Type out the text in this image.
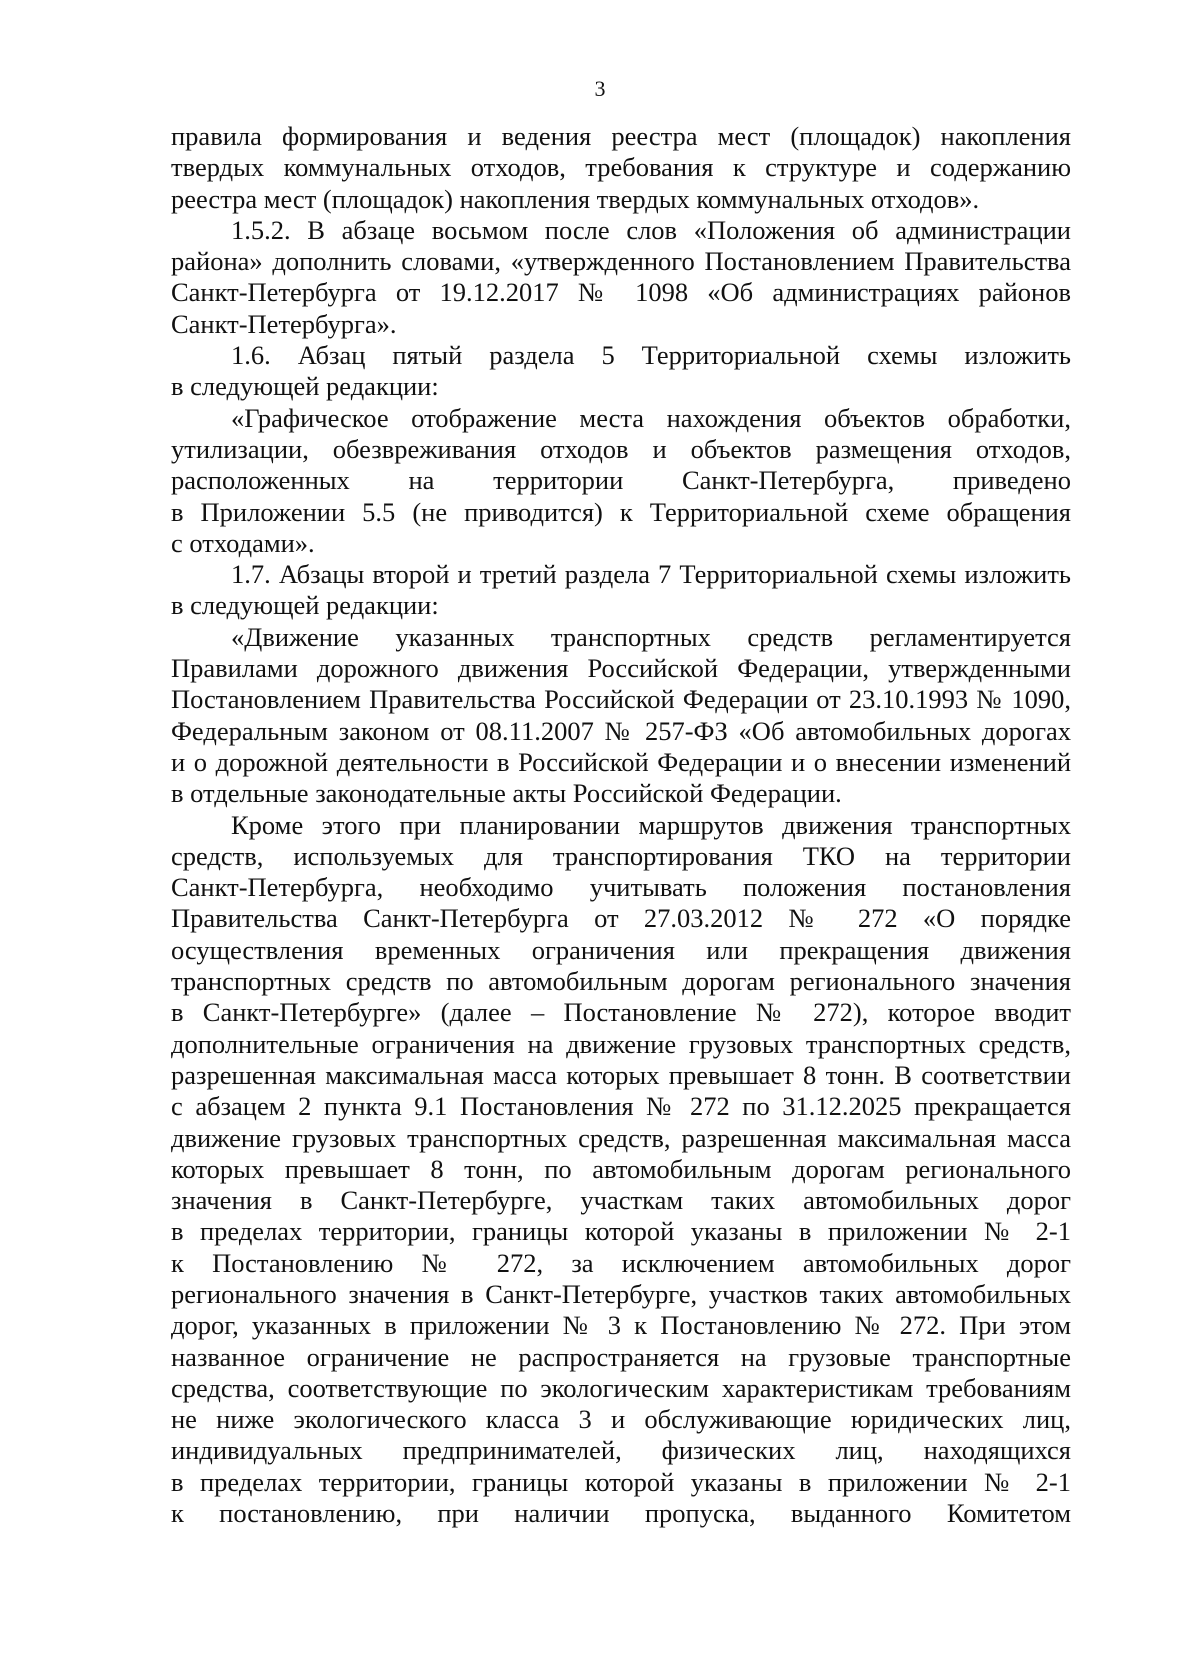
3
правила формирования и ведения реестра мест (площадок) накопления
твердых коммунальных отходов, требования к структуре и содержанию
реестра мест (площадок) накопления твердых коммунальных отходов».
1.5.2. В абзаце восьмом после слов «Положения об администрации
района» дополнить словами, «утвержденного Постановлением Правительства
Санкт-Петербурга от 19.12.2017 № 1098 «Об администрациях районов
Санкт-Петербурга».
1.6. Абзац пятый раздела 5 Территориальной схемы изложить
в следующей редакции:
«Графическое отображение места нахождения объектов обработки,
утилизации, обезвреживания отходов и объектов размещения отходов,
расположенных на территории Санкт-Петербурга, приведено
в Приложении 5.5 (не приводится) к Территориальной схеме обращения
с отходами».
1.7. Абзацы второй и третий раздела 7 Территориальной схемы изложить
в следующей редакции:
«Движение указанных транспортных средств регламентируется
Правилами дорожного движения Российской Федерации, утвержденными
Постановлением Правительства Российской Федерации от 23.10.1993 № 1090,
Федеральным законом от 08.11.2007 № 257-ФЗ «Об автомобильных дорогах
и о дорожной деятельности в Российской Федерации и о внесении изменений
в отдельные законодательные акты Российской Федерации.
Кроме этого при планировании маршрутов движения транспортных
средств, используемых для транспортирования ТКО на территории
Санкт-Петербурга, необходимо учитывать положения постановления
Правительства Санкт-Петербурга от 27.03.2012 № 272 «О порядке
осуществления временных ограничения или прекращения движения
транспортных средств по автомобильным дорогам регионального значения
в Санкт-Петербурге» (далее – Постановление № 272), которое вводит
дополнительные ограничения на движение грузовых транспортных средств,
разрешенная максимальная масса которых превышает 8 тонн. В соответствии
с абзацем 2 пункта 9.1 Постановления № 272 по 31.12.2025 прекращается
движение грузовых транспортных средств, разрешенная максимальная масса
которых превышает 8 тонн, по автомобильным дорогам регионального
значения в Санкт-Петербурге, участкам таких автомобильных дорог
в пределах территории, границы которой указаны в приложении № 2-1
к Постановлению № 272, за исключением автомобильных дорог
регионального значения в Санкт-Петербурге, участков таких автомобильных
дорог, указанных в приложении № 3 к Постановлению № 272. При этом
названное ограничение не распространяется на грузовые транспортные
средства, соответствующие по экологическим характеристикам требованиям
не ниже экологического класса 3 и обслуживающие юридических лиц,
индивидуальных предпринимателей, физических лиц, находящихся
в пределах территории, границы которой указаны в приложении № 2-1
к постановлению, при наличии пропуска, выданного Комитетом
